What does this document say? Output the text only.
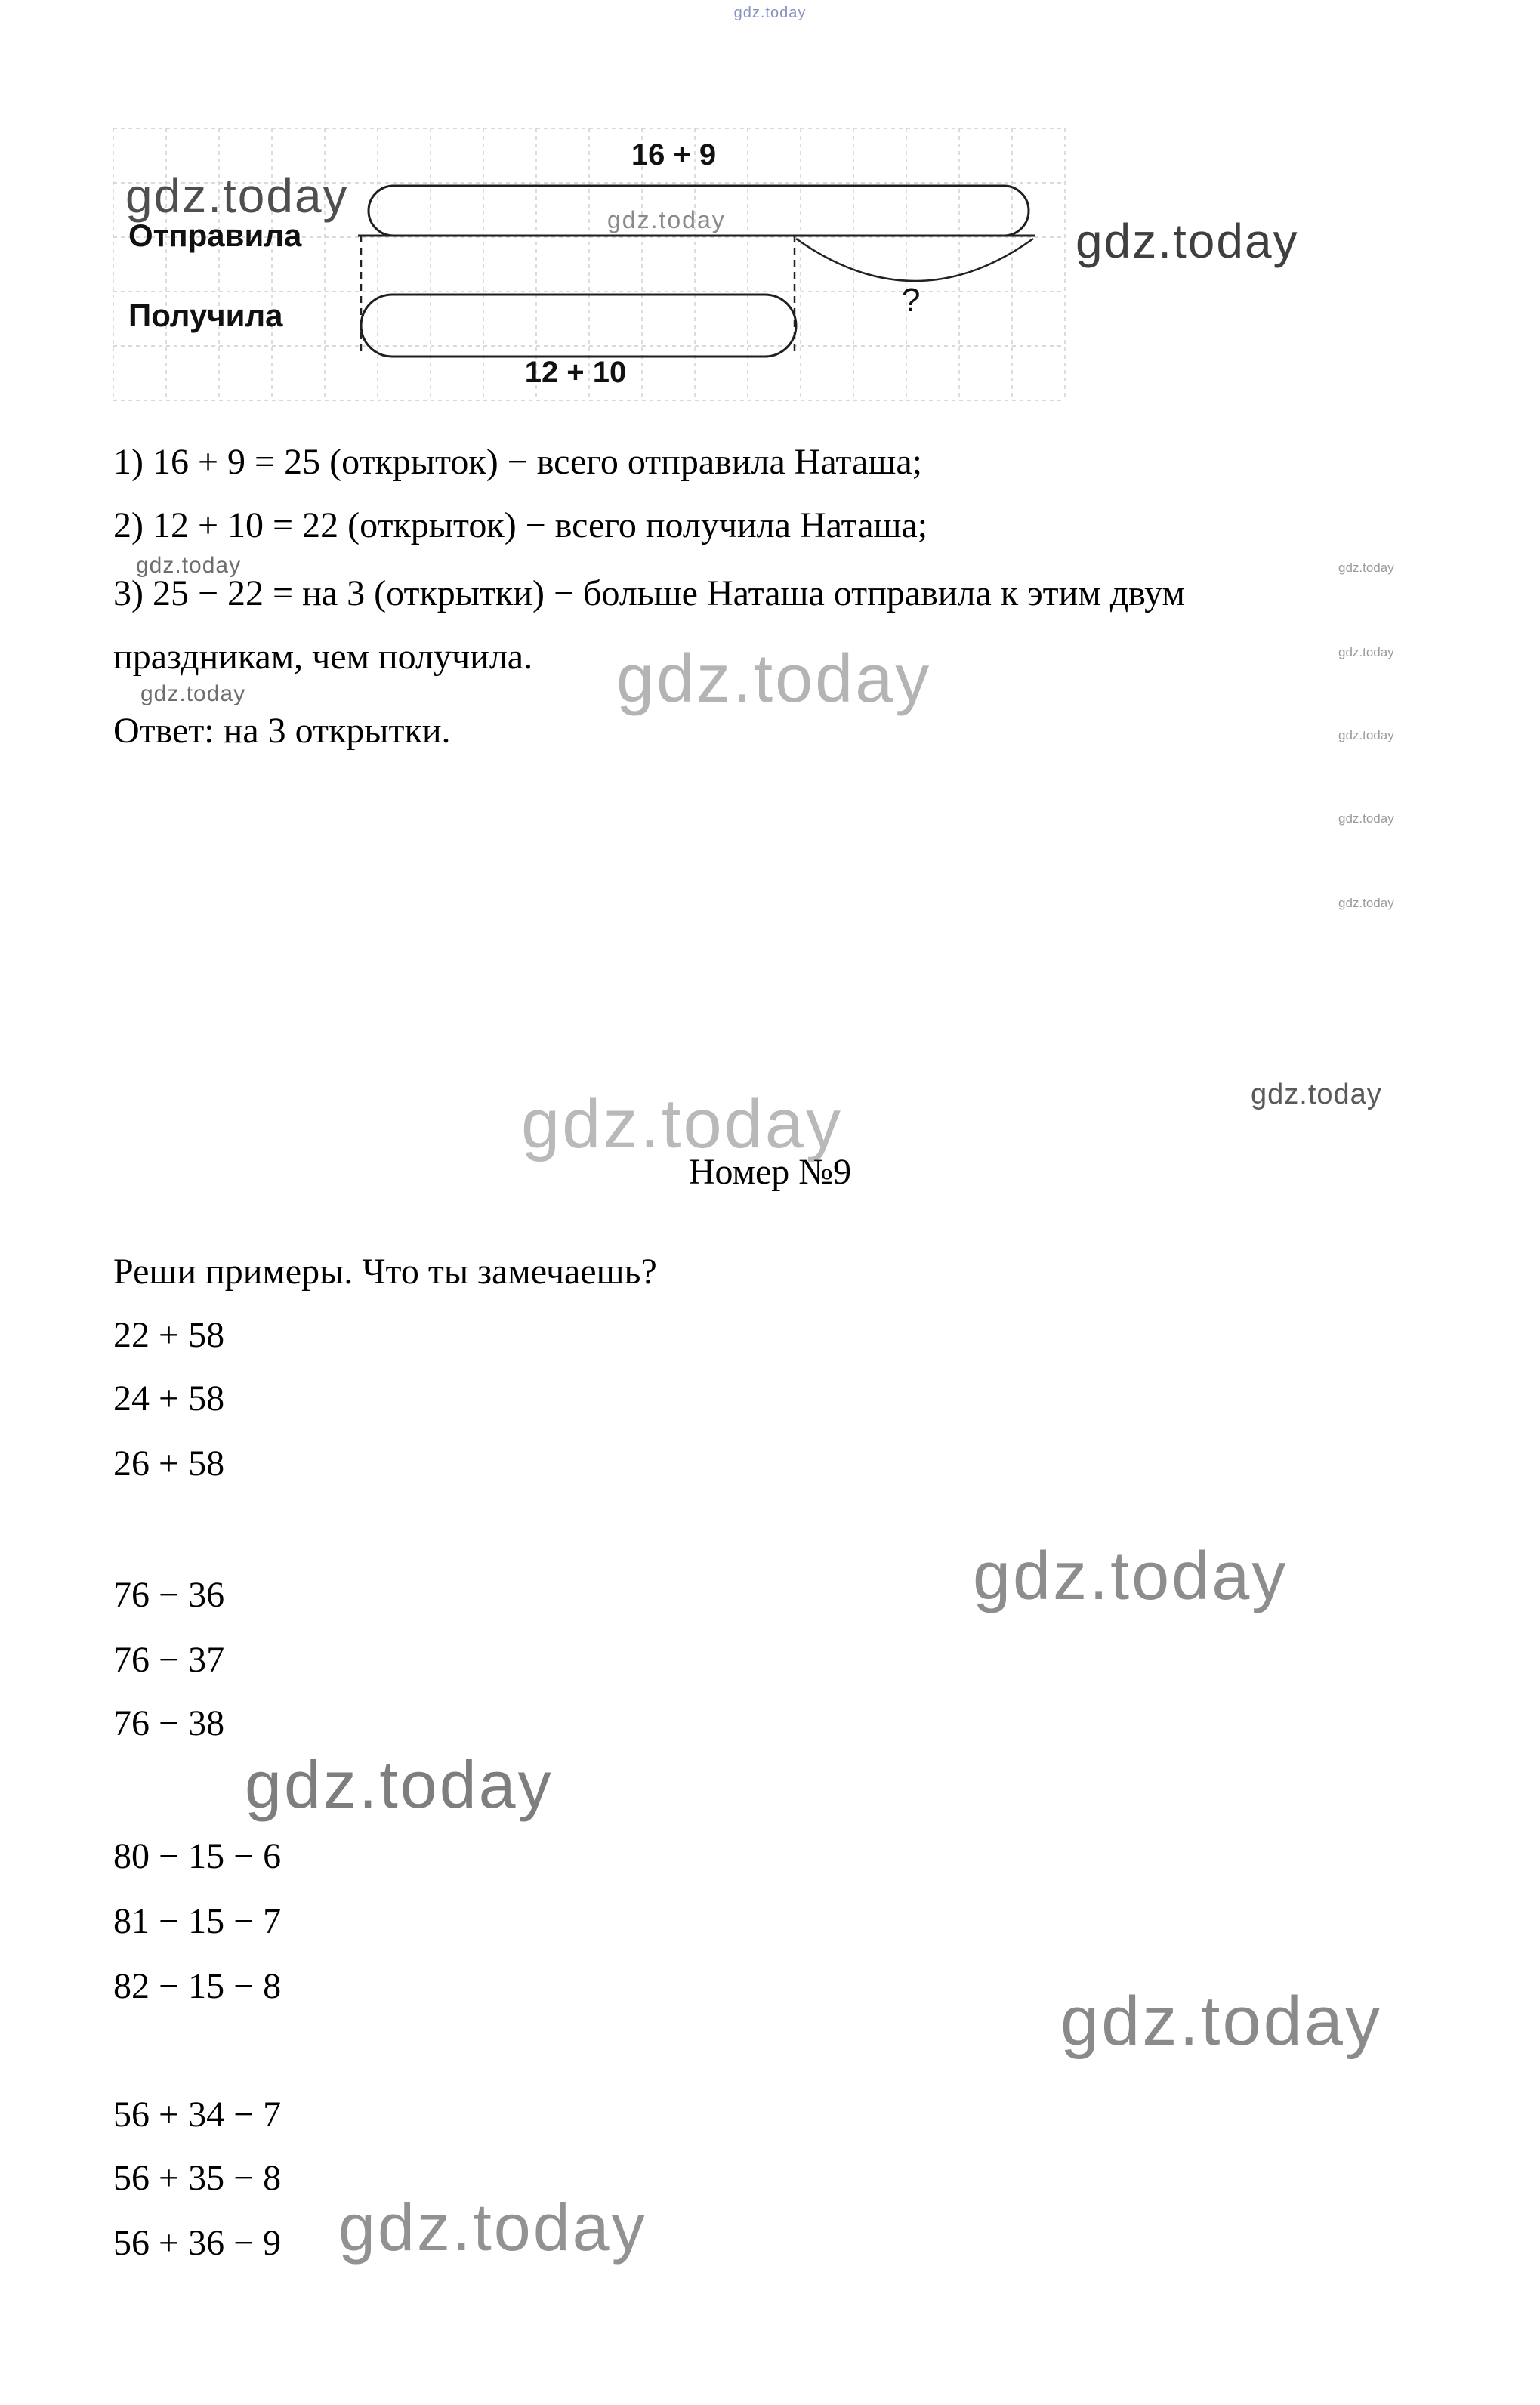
gdz.today
16 + 9
?
Отправила
Получила
12 + 10
gdz.today
gdz.today
gdz.today
gdz.today
gdz.today	gdz.today
gdz.today	gdz.today
gdz.today
gdz.today
gdz.today
gdz.today
gdz.today
gdz.today
gdz.today
gdz.today
gdz.today
1) 16 + 9 = 25 (открыток) − всего отправила Наташа;
2) 12 + 10 = 22 (открыток) − всего получила Наташа;
3) 25 − 22 = на 3 (открытки) − больше Наташа отправила к этим двум
праздникам, чем получила.
Ответ: на 3 открытки.
Номер №9
Реши примеры. Что ты замечаешь?
22 + 58
24 + 58
26 + 58
76 − 36
76 − 37
76 − 38
80 − 15 − 6
81 − 15 − 7
82 − 15 − 8
56 + 34 − 7
56 + 35 − 8
56 + 36 − 9
